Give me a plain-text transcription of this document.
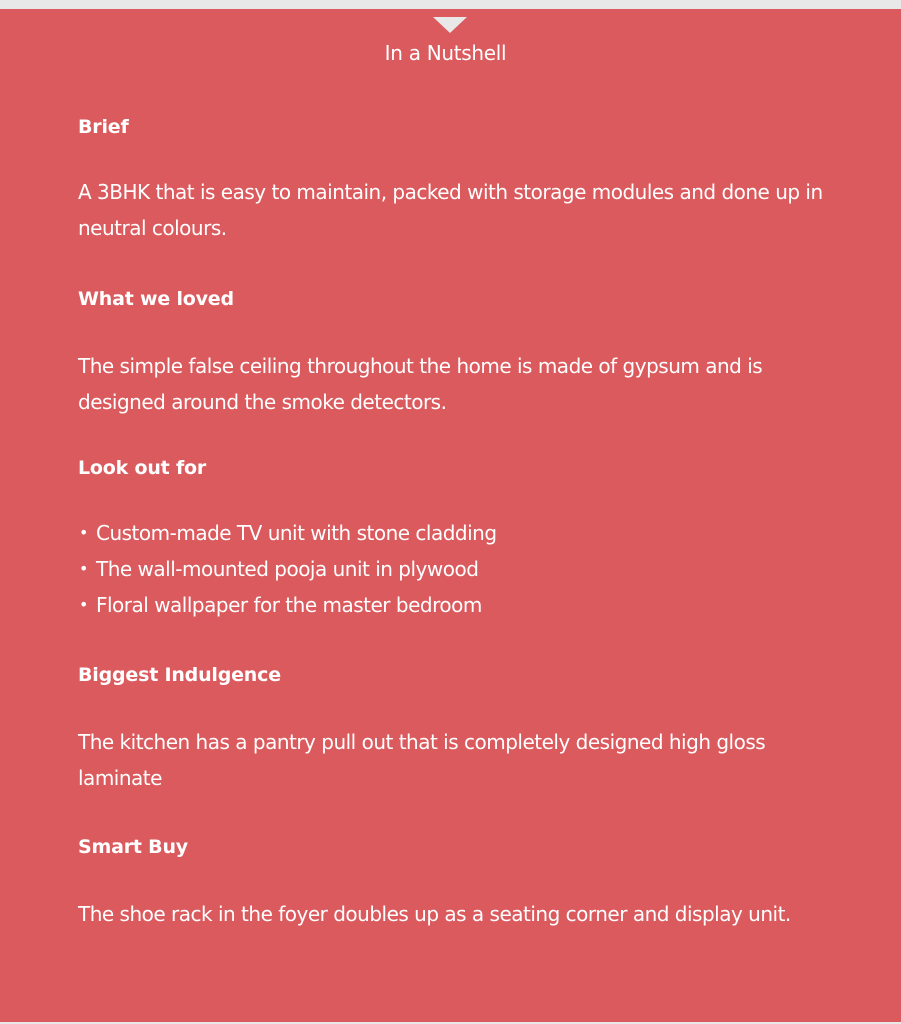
In a Nutshell
Brief
A 3BHK that is easy to maintain, packed with storage modules and done up in neutral colours.
What we loved
The simple false ceiling throughout the home is made of gypsum and is designed around the smoke detectors.
Look out for
• Custom-made TV unit with stone cladding
• The wall-mounted pooja unit in plywood
• Floral wallpaper for the master bedroom
Biggest Indulgence
The kitchen has a pantry pull out that is completely designed high gloss laminate
Smart Buy
The shoe rack in the foyer doubles up as a seating corner and display unit.
